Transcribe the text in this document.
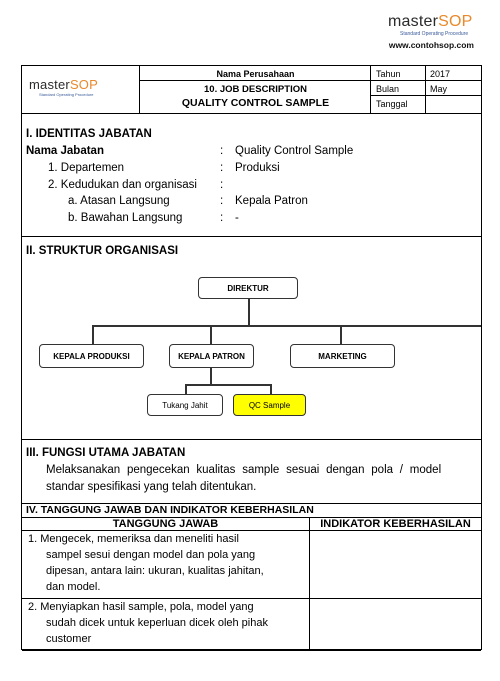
masterSOP
Standard Operating Procedure
www.contohsop.com
masterSOP
Standard Operating Procedure
Nama Perusahaan
10. JOB DESCRIPTION
QUALITY CONTROL SAMPLE
Tahun	2017
Bulan	May
Tanggal
I. IDENTITAS JABATAN
Nama Jabatan	: Quality Control Sample
1. Departemen	: Produksi
2. Kedudukan dan organisasi :
a. Atasan Langsung	: Kepala Patron
b. Bawahan Langsung	: -
II. STRUKTUR ORGANISASI
DIREKTUR
KEPALA PRODUKSI	KEPALA PATRON	MARKETING
Tukang Jahit	QC Sample
III. FUNGSI UTAMA JABATAN
Melaksanakan pengecekan kualitas sample sesuai dengan pola / model
standar spesifikasi yang telah ditentukan.
IV. TANGGUNG JAWAB DAN INDIKATOR KEBERHASILAN
TANGGUNG JAWAB	INDIKATOR KEBERHASILAN
1. Mengecek, memeriksa dan meneliti hasil
sampel sesui dengan model dan pola yang
dipesan, antara lain: ukuran, kualitas jahitan,
dan model.
2. Menyiapkan hasil sample, pola, model yang
sudah dicek untuk keperluan dicek oleh pihak
customer
